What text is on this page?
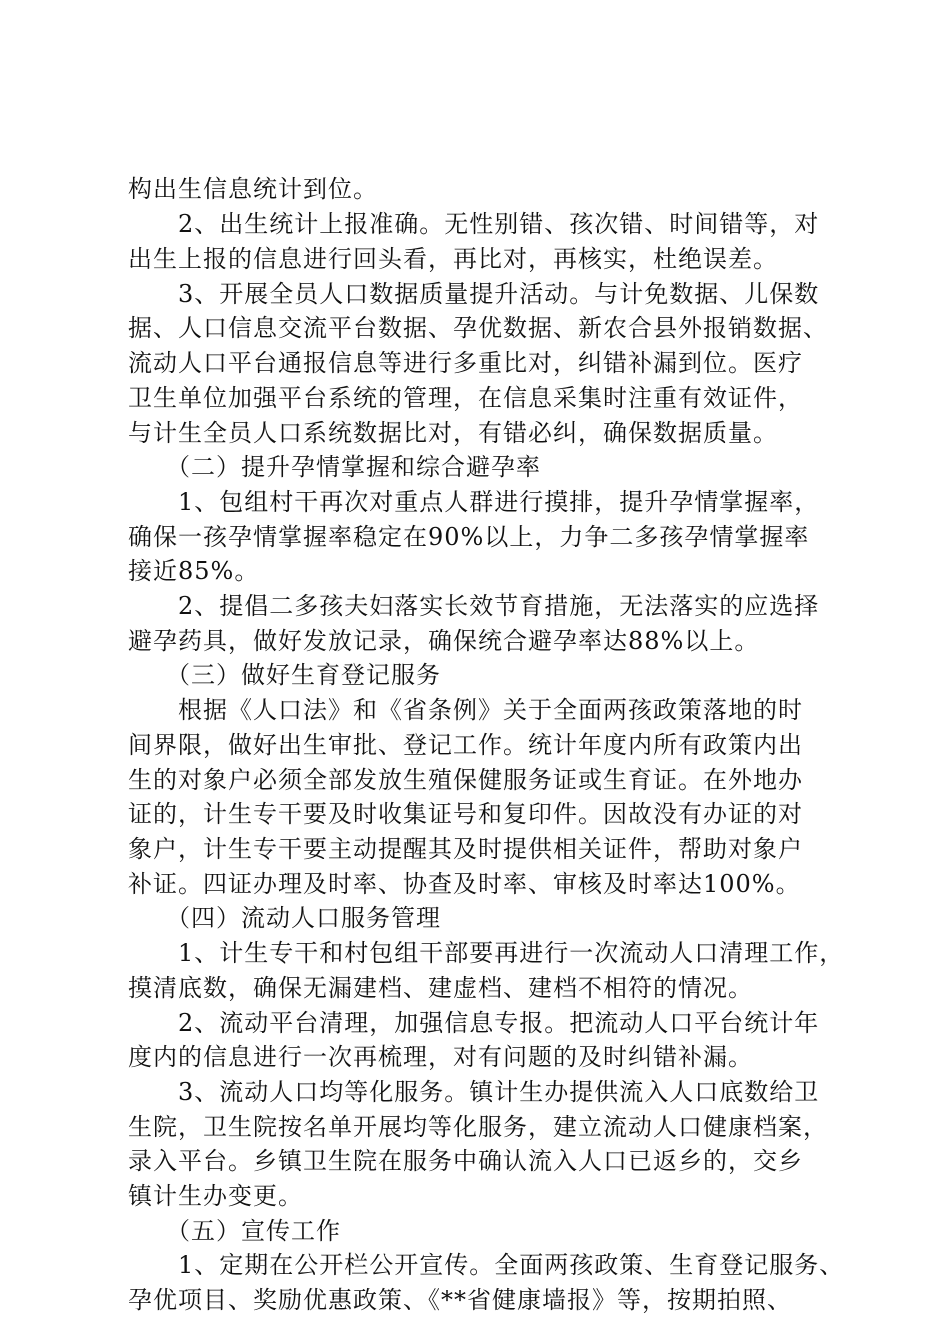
构出生信息统计到位。
　　2、出生统计上报准确。无性别错、孩次错、时间错等，对
出生上报的信息进行回头看，再比对，再核实，杜绝误差。
　　3、开展全员人口数据质量提升活动。与计免数据、儿保数
据、人口信息交流平台数据、孕优数据、新农合县外报销数据、
流动人口平台通报信息等进行多重比对，纠错补漏到位。医疗
卫生单位加强平台系统的管理，在信息采集时注重有效证件，
与计生全员人口系统数据比对，有错必纠，确保数据质量。
　　（二）提升孕情掌握和综合避孕率
　　1、包组村干再次对重点人群进行摸排，提升孕情掌握率，
确保一孩孕情掌握率稳定在90%以上，力争二多孩孕情掌握率
接近85%。
　　2、提倡二多孩夫妇落实长效节育措施，无法落实的应选择
避孕药具，做好发放记录，确保统合避孕率达88%以上。
　　（三）做好生育登记服务
　　根据《人口法》和《省条例》关于全面两孩政策落地的时
间界限，做好出生审批、登记工作。统计年度内所有政策内出
生的对象户必须全部发放生殖保健服务证或生育证。在外地办
证的，计生专干要及时收集证号和复印件。因故没有办证的对
象户，计生专干要主动提醒其及时提供相关证件，帮助对象户
补证。四证办理及时率、协查及时率、审核及时率达100%。
　　（四）流动人口服务管理
　　1、计生专干和村包组干部要再进行一次流动人口清理工作，
摸清底数，确保无漏建档、建虚档、建档不相符的情况。
　　2、流动平台清理，加强信息专报。把流动人口平台统计年
度内的信息进行一次再梳理，对有问题的及时纠错补漏。
　　3、流动人口均等化服务。镇计生办提供流入人口底数给卫
生院，卫生院按名单开展均等化服务，建立流动人口健康档案，
录入平台。乡镇卫生院在服务中确认流入人口已返乡的，交乡
镇计生办变更。
　　（五）宣传工作
　　1、定期在公开栏公开宣传。全面两孩政策、生育登记服务、
孕优项目、奖励优惠政策、《**省健康墙报》等，按期拍照、
